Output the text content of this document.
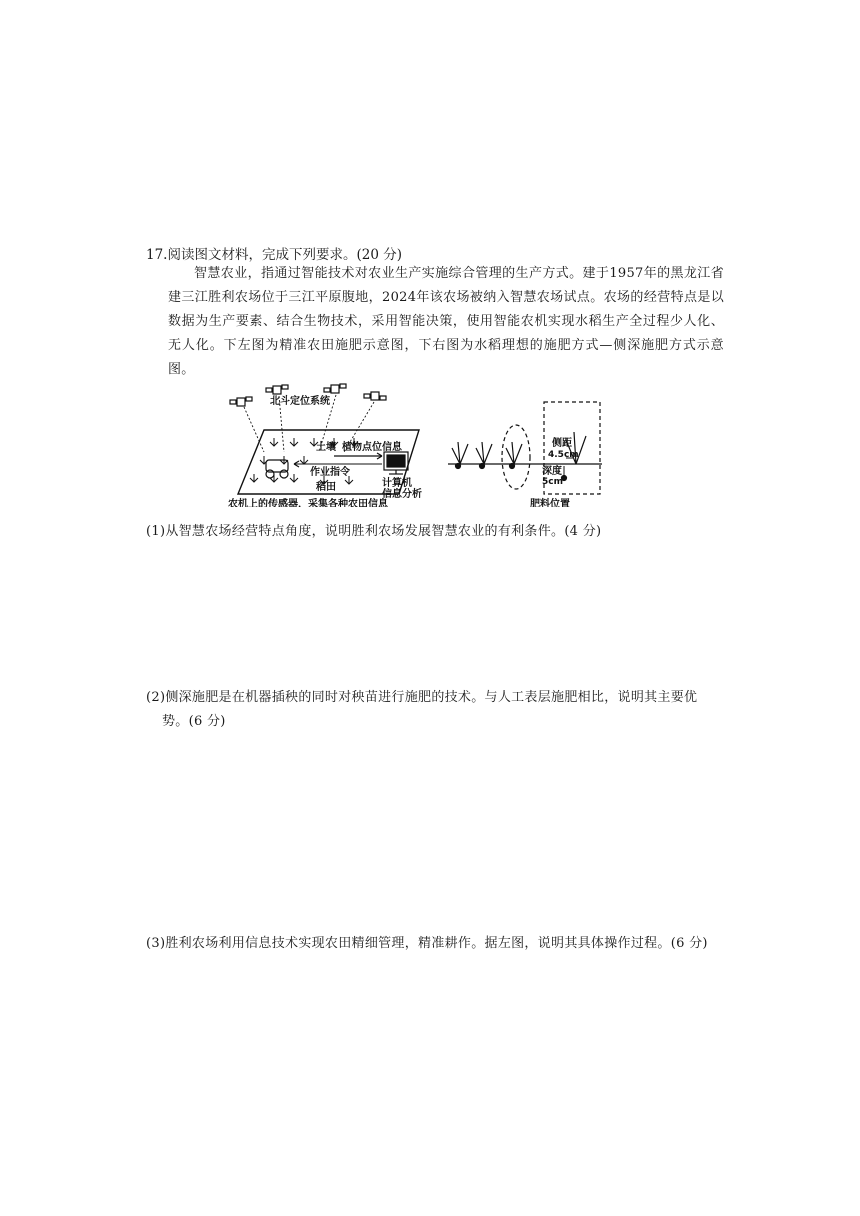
17.阅读图文材料，完成下列要求。(20 分)
智慧农业，指通过智能技术对农业生产实施综合管理的生产方式。建于1957年的黑龙江省建三江胜利农场位于三江平原腹地，2024年该农场被纳入智慧农场试点。农场的经营特点是以数据为生产要素、结合生物技术，采用智能决策，使用智能农机实现水稻生产全过程少人化、无人化。下左图为精准农田施肥示意图，下右图为水稻理想的施肥方式—侧深施肥方式示意图。
北斗定位系统
土壤 植物点位信息
作业指令
稻田	计算机
信息分析
农机上的传感器，采集各种农田信息
侧距
4.5cm
深度
5cm
肥料位置
(1)从智慧农场经营特点角度，说明胜利农场发展智慧农业的有利条件。(4 分)
(2)侧深施肥是在机器插秧的同时对秧苗进行施肥的技术。与人工表层施肥相比，说明其主要优
势。(6 分)
(3)胜利农场利用信息技术实现农田精细管理，精准耕作。据左图，说明其具体操作过程。(6 分)
